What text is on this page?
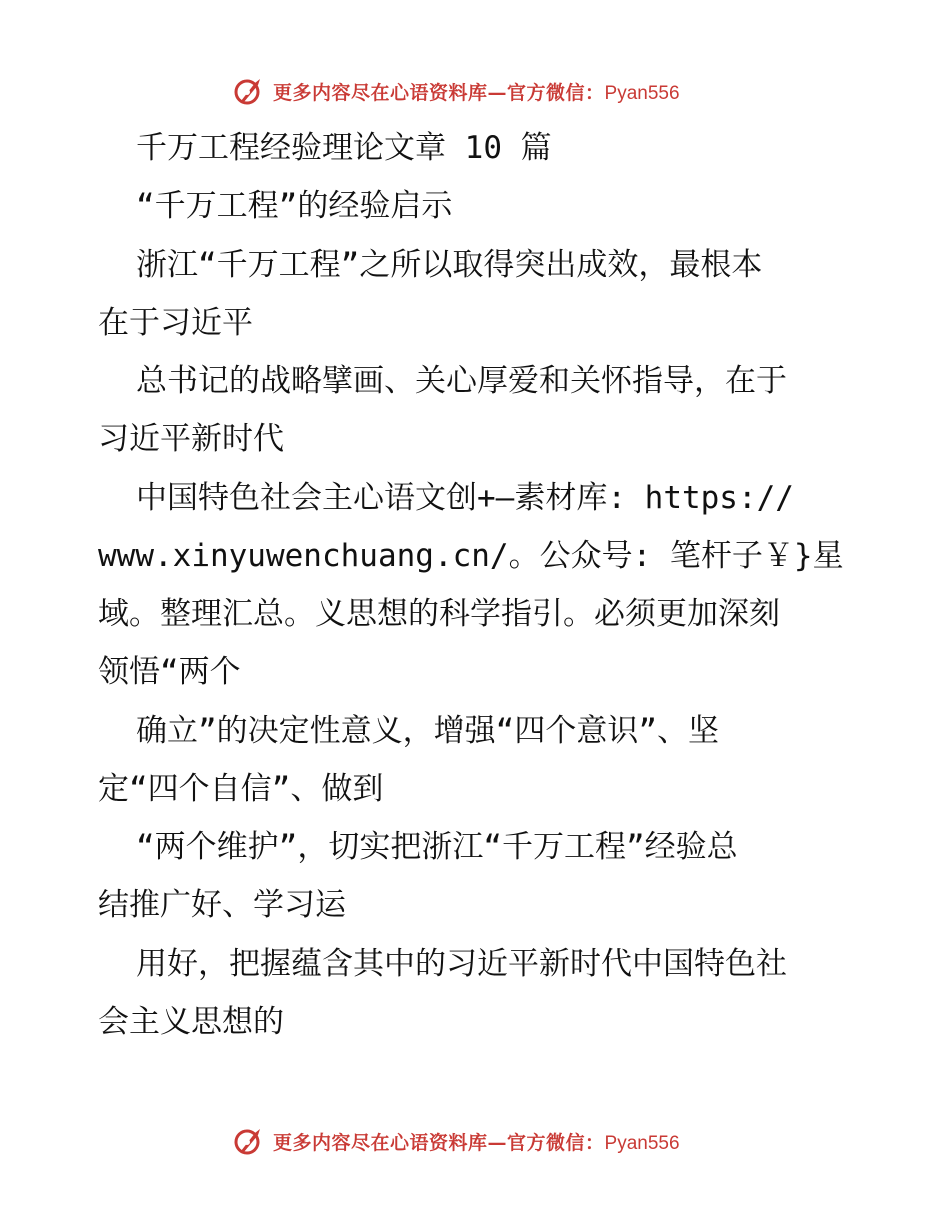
更多内容尽在心语资料库—官方微信：Pyan556
千万工程经验理论文章 10 篇
“千万工程”的经验启示
浙江“千万工程”之所以取得突出成效，最根本
在于习近平
总书记的战略擘画、关心厚爱和关怀指导，在于
习近平新时代
中国特色社会主心语文创+—素材库: https://
www.xinyuwenchuang.cn/。公众号: 笔杆子￥}星
域。整理汇总。义思想的科学指引。必须更加深刻
领悟“两个
确立”的决定性意义，增强“四个意识”、坚
定“四个自信”、做到
“两个维护”，切实把浙江“千万工程”经验总
结推广好、学习运
用好，把握蕴含其中的习近平新时代中国特色社
会主义思想的
更多内容尽在心语资料库—官方微信：Pyan556
